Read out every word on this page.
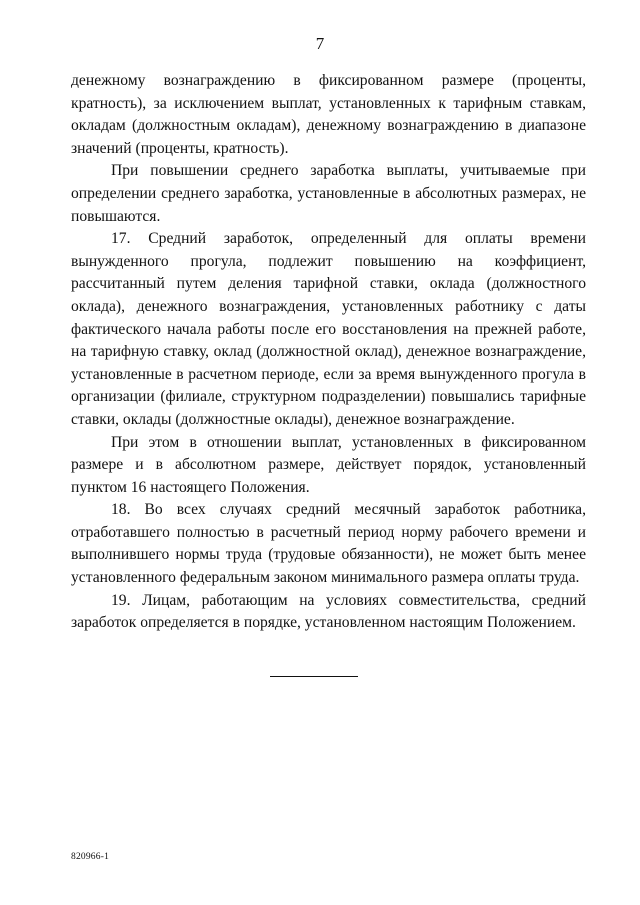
7

денежному вознаграждению в фиксированном размере (проценты, кратность), за исключением выплат, установленных к тарифным ставкам, окладам (должностным окладам), денежному вознаграждению в диапазоне значений (проценты, кратность).

При повышении среднего заработка выплаты, учитываемые при определении среднего заработка, установленные в абсолютных размерах, не повышаются.

17. Средний заработок, определенный для оплаты времени вынужденного прогула, подлежит повышению на коэффициент, рассчитанный путем деления тарифной ставки, оклада (должностного оклада), денежного вознаграждения, установленных работнику с даты фактического начала работы после его восстановления на прежней работе, на тарифную ставку, оклад (должностной оклад), денежное вознаграждение, установленные в расчетном периоде, если за время вынужденного прогула в организации (филиале, структурном подразделении) повышались тарифные ставки, оклады (должностные оклады), денежное вознаграждение.

При этом в отношении выплат, установленных в фиксированном размере и в абсолютном размере, действует порядок, установленный пунктом 16 настоящего Положения.

18. Во всех случаях средний месячный заработок работника, отработавшего полностью в расчетный период норму рабочего времени и выполнившего нормы труда (трудовые обязанности), не может быть менее установленного федеральным законом минимального размера оплаты труда.

19. Лицам, работающим на условиях совместительства, средний заработок определяется в порядке, установленном настоящим Положением.

820966-1
